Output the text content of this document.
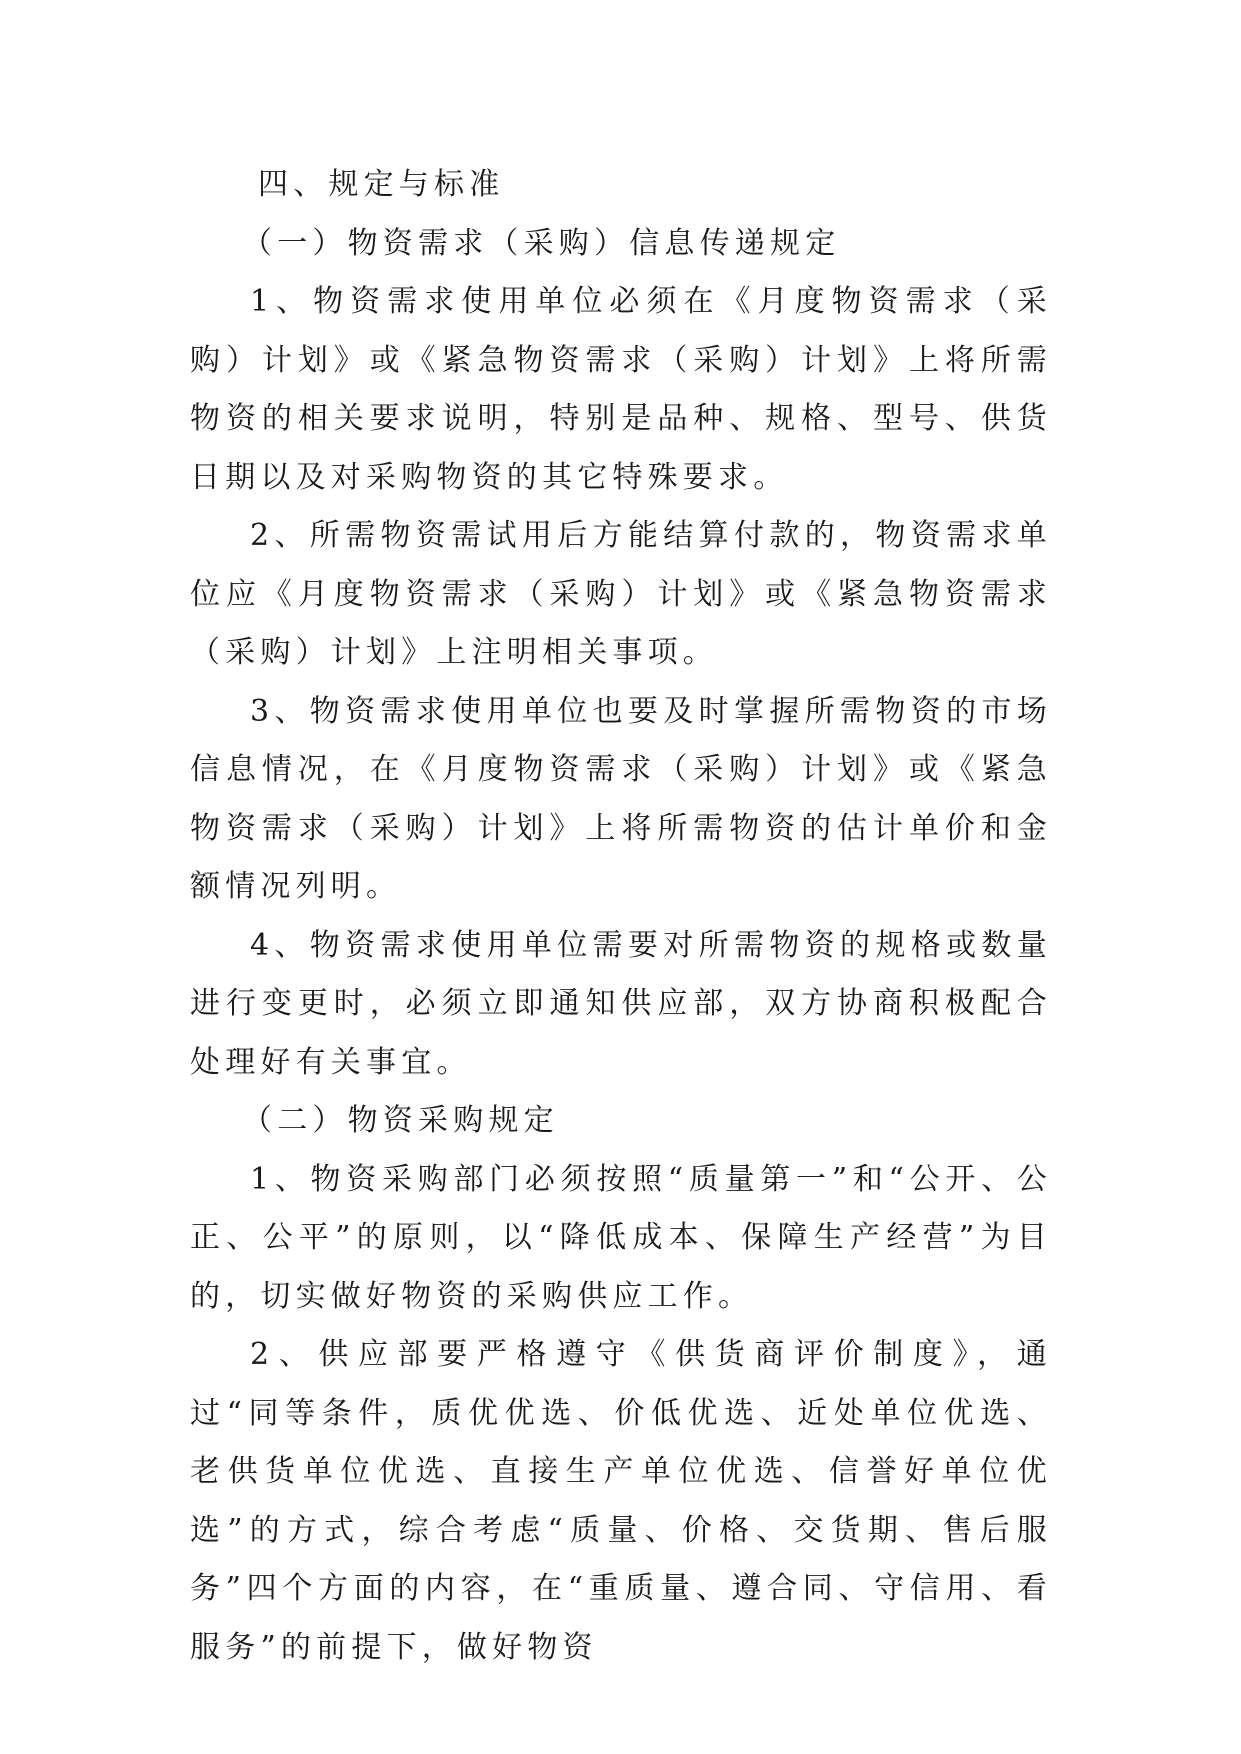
四、规定与标准

（一）物资需求（采购）信息传递规定

1、物资需求使用单位必须在《月度物资需求（采购）计划》或《紧急物资需求（采购）计划》上将所需物资的相关要求说明，特别是品种、规格、型号、供货日期以及对采购物资的其它特殊要求。

2、所需物资需试用后方能结算付款的，物资需求单位应《月度物资需求（采购）计划》或《紧急物资需求（采购）计划》上注明相关事项。

3、物资需求使用单位也要及时掌握所需物资的市场信息情况，在《月度物资需求（采购）计划》或《紧急物资需求（采购）计划》上将所需物资的估计单价和金额情况列明。

4、物资需求使用单位需要对所需物资的规格或数量进行变更时，必须立即通知供应部，双方协商积极配合处理好有关事宜。

（二）物资采购规定

1、物资采购部门必须按照“质量第一”和“公开、公正、公平”的原则，以“降低成本、保障生产经营”为目的，切实做好物资的采购供应工作。

2、供应部要严格遵守《供货商评价制度》，通过“同等条件，质优优选、价低优选、近处单位优选、老供货单位优选、直接生产单位优选、信誉好单位优选”的方式，综合考虑“质量、价格、交货期、售后服务”四个方面的内容，在“重质量、遵合同、守信用、看服务”的前提下，做好物资
